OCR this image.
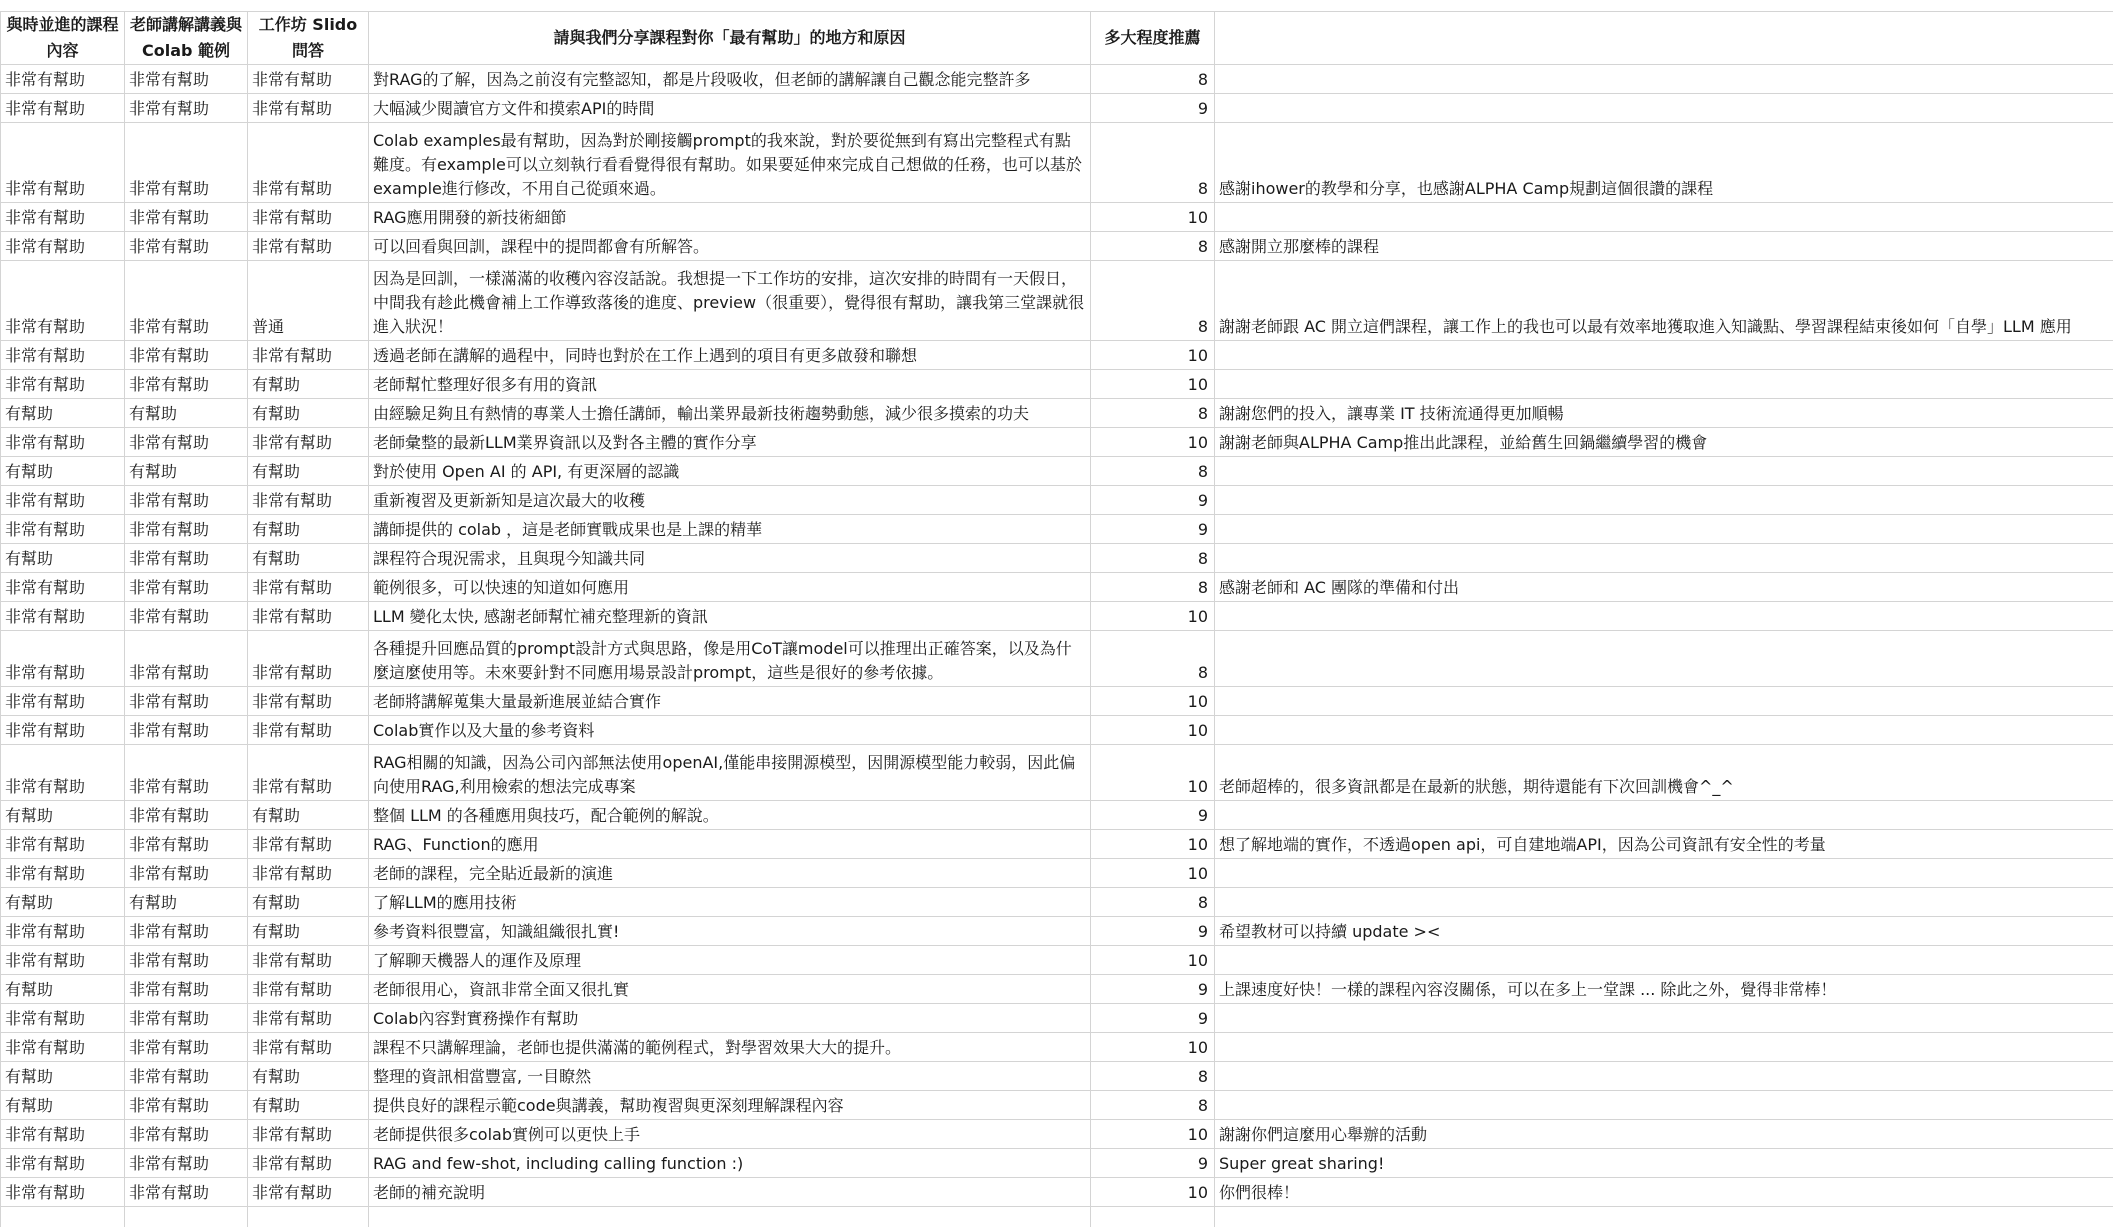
與時並進的課程內容	老師講解講義與 Colab 範例	工作坊 Slido 問答	請與我們分享課程對你「最有幫助」的地方和原因	多大程度推薦	
非常有幫助	非常有幫助	非常有幫助	對RAG的了解，因為之前沒有完整認知，都是片段吸收，但老師的講解讓自己觀念能完整許多	8	
非常有幫助	非常有幫助	非常有幫助	大幅減少閱讀官方文件和摸索API的時間	9	
非常有幫助	非常有幫助	非常有幫助	Colab examples最有幫助，因為對於剛接觸prompt的我來說，對於要從無到有寫出完整程式有點難度。有example可以立刻執行看看覺得很有幫助。如果要延伸來完成自己想做的任務，也可以基於example進行修改，不用自己從頭來過。	8	感謝ihower的教學和分享，也感謝ALPHA Camp規劃這個很讚的課程
非常有幫助	非常有幫助	非常有幫助	RAG應用開發的新技術細節	10	
非常有幫助	非常有幫助	非常有幫助	可以回看與回訓，課程中的提問都會有所解答。	8	感謝開立那麼棒的課程
非常有幫助	非常有幫助	普通	因為是回訓，一樣滿滿的收穫內容沒話說。我想提一下工作坊的安排，這次安排的時間有一天假日，中間我有趁此機會補上工作導致落後的進度、preview（很重要），覺得很有幫助，讓我第三堂課就很進入狀況！	8	謝謝老師跟 AC 開立這們課程，讓工作上的我也可以最有效率地獲取進入知識點、學習課程結束後如何「自學」LLM 應用
非常有幫助	非常有幫助	非常有幫助	透過老師在講解的過程中，同時也對於在工作上遇到的項目有更多啟發和聯想	10	
非常有幫助	非常有幫助	有幫助	老師幫忙整理好很多有用的資訊	10	
有幫助	有幫助	有幫助	由經驗足夠且有熱情的專業人士擔任講師，輸出業界最新技術趨勢動態，減少很多摸索的功夫	8	謝謝您們的投入，讓專業 IT 技術流通得更加順暢
非常有幫助	非常有幫助	非常有幫助	老師彙整的最新LLM業界資訊以及對各主體的實作分享	10	謝謝老師與ALPHA Camp推出此課程，並給舊生回鍋繼續學習的機會
有幫助	有幫助	有幫助	對於使用 Open AI 的 API, 有更深層的認識	8	
非常有幫助	非常有幫助	非常有幫助	重新複習及更新新知是這次最大的收穫	9	
非常有幫助	非常有幫助	有幫助	講師提供的 colab ，這是老師實戰成果也是上課的精華	9	
有幫助	非常有幫助	有幫助	課程符合現況需求，且與現今知識共同	8	
非常有幫助	非常有幫助	非常有幫助	範例很多，可以快速的知道如何應用	8	感謝老師和 AC 團隊的準備和付出
非常有幫助	非常有幫助	非常有幫助	LLM 變化太快, 感謝老師幫忙補充整理新的資訊	10	
非常有幫助	非常有幫助	非常有幫助	各種提升回應品質的prompt設計方式與思路，像是用CoT讓model可以推理出正確答案，以及為什麼這麼使用等。未來要針對不同應用場景設計prompt，這些是很好的參考依據。	8	
非常有幫助	非常有幫助	非常有幫助	老師將講解蒐集大量最新進展並結合實作	10	
非常有幫助	非常有幫助	非常有幫助	Colab實作以及大量的參考資料	10	
非常有幫助	非常有幫助	非常有幫助	RAG相關的知識，因為公司內部無法使用openAI,僅能串接開源模型，因開源模型能力較弱，因此偏向使用RAG,利用檢索的想法完成專案	10	老師超棒的，很多資訊都是在最新的狀態，期待還能有下次回訓機會^_^
有幫助	非常有幫助	有幫助	整個 LLM 的各種應用與技巧，配合範例的解說。	9	
非常有幫助	非常有幫助	非常有幫助	RAG、Function的應用	10	想了解地端的實作，不透過open api，可自建地端API，因為公司資訊有安全性的考量
非常有幫助	非常有幫助	非常有幫助	老師的課程，完全貼近最新的演進	10	
有幫助	有幫助	有幫助	了解LLM的應用技術	8	
非常有幫助	非常有幫助	有幫助	參考資料很豐富，知識組織很扎實!	9	希望教材可以持續 update ><
非常有幫助	非常有幫助	非常有幫助	了解聊天機器人的運作及原理	10	
有幫助	非常有幫助	非常有幫助	老師很用心，資訊非常全面又很扎實	9	上課速度好快！一樣的課程內容沒關係，可以在多上一堂課 ... 除此之外，覺得非常棒！
非常有幫助	非常有幫助	非常有幫助	Colab內容對實務操作有幫助	9	
非常有幫助	非常有幫助	非常有幫助	課程不只講解理論，老師也提供滿滿的範例程式，對學習效果大大的提升。	10	
有幫助	非常有幫助	有幫助	整理的資訊相當豐富, 一目瞭然	8	
有幫助	非常有幫助	有幫助	提供良好的課程示範code與講義，幫助複習與更深刻理解課程內容	8	
非常有幫助	非常有幫助	非常有幫助	老師提供很多colab實例可以更快上手	10	謝謝你們這麼用心舉辦的活動
非常有幫助	非常有幫助	非常有幫助	RAG and few-shot, including calling function :)	9	Super great sharing!
非常有幫助	非常有幫助	非常有幫助	老師的補充說明	10	你們很棒！
